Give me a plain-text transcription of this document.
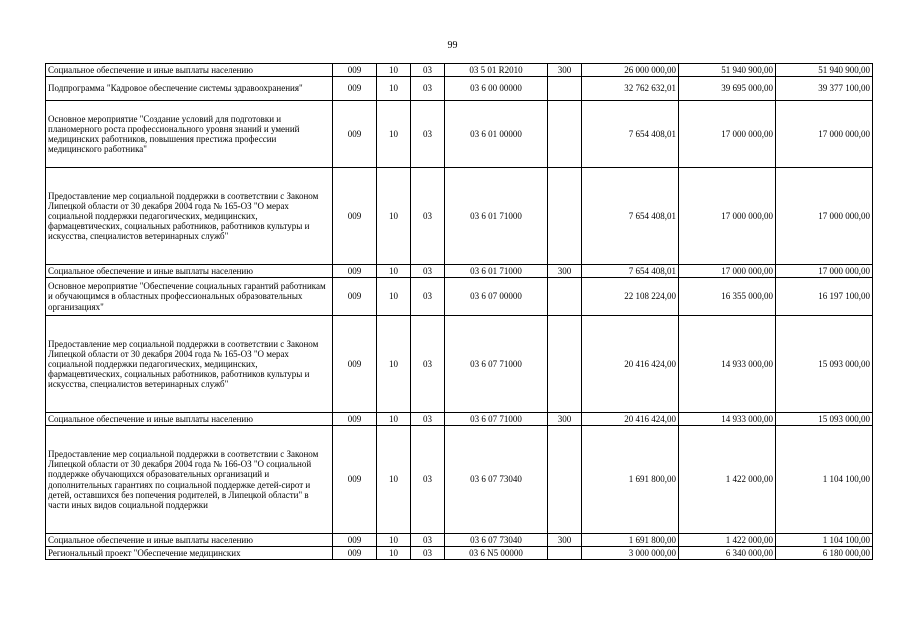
99
Социальное обеспечение и иные выплаты населению	009	10	03	03 5 01 R2010	300	26 000 000,00	51 940 900,00	51 940 900,00
Подпрограмма "Кадровое обеспечение системы здравоохранения"	009	10	03	03 6 00 00000		32 762 632,01	39 695 000,00	39 377 100,00
Основное мероприятие "Создание условий для подготовки и планомерного роста профессионального уровня знаний и умений медицинских работников, повышения престижа профессии медицинского работника"	009	10	03	03 6 01 00000		7 654 408,01	17 000 000,00	17 000 000,00
Предоставление мер социальной поддержки в соответствии с Законом Липецкой области от 30 декабря 2004 года № 165-ОЗ "О мерах социальной поддержки педагогических, медицинских, фармацевтических, социальных работников, работников культуры и искусства, специалистов ветеринарных служб"	009	10	03	03 6 01 71000		7 654 408,01	17 000 000,00	17 000 000,00
Социальное обеспечение и иные выплаты населению	009	10	03	03 6 01 71000	300	7 654 408,01	17 000 000,00	17 000 000,00
Основное мероприятие "Обеспечение социальных гарантий работникам и обучающимся в областных профессиональных образовательных организациях"	009	10	03	03 6 07 00000		22 108 224,00	16 355 000,00	16 197 100,00
Предоставление мер социальной поддержки в соответствии с Законом Липецкой области от 30 декабря 2004 года № 165-ОЗ "О мерах социальной поддержки педагогических, медицинских, фармацевтических, социальных работников, работников культуры и искусства, специалистов ветеринарных служб"	009	10	03	03 6 07 71000		20 416 424,00	14 933 000,00	15 093 000,00
Социальное обеспечение и иные выплаты населению	009	10	03	03 6 07 71000	300	20 416 424,00	14 933 000,00	15 093 000,00
Предоставление мер социальной поддержки в соответствии с Законом Липецкой области от 30 декабря 2004 года № 166-ОЗ "О социальной поддержке обучающихся образовательных организаций и дополнительных гарантиях по социальной поддержке детей-сирот и детей, оставшихся без попечения родителей, в Липецкой области" в части иных видов социальной поддержки	009	10	03	03 6 07 73040		1 691 800,00	1 422 000,00	1 104 100,00
Социальное обеспечение и иные выплаты населению	009	10	03	03 6 07 73040	300	1 691 800,00	1 422 000,00	1 104 100,00
Региональный проект "Обеспечение медицинских	009	10	03	03 6 N5 00000		3 000 000,00	6 340 000,00	6 180 000,00
